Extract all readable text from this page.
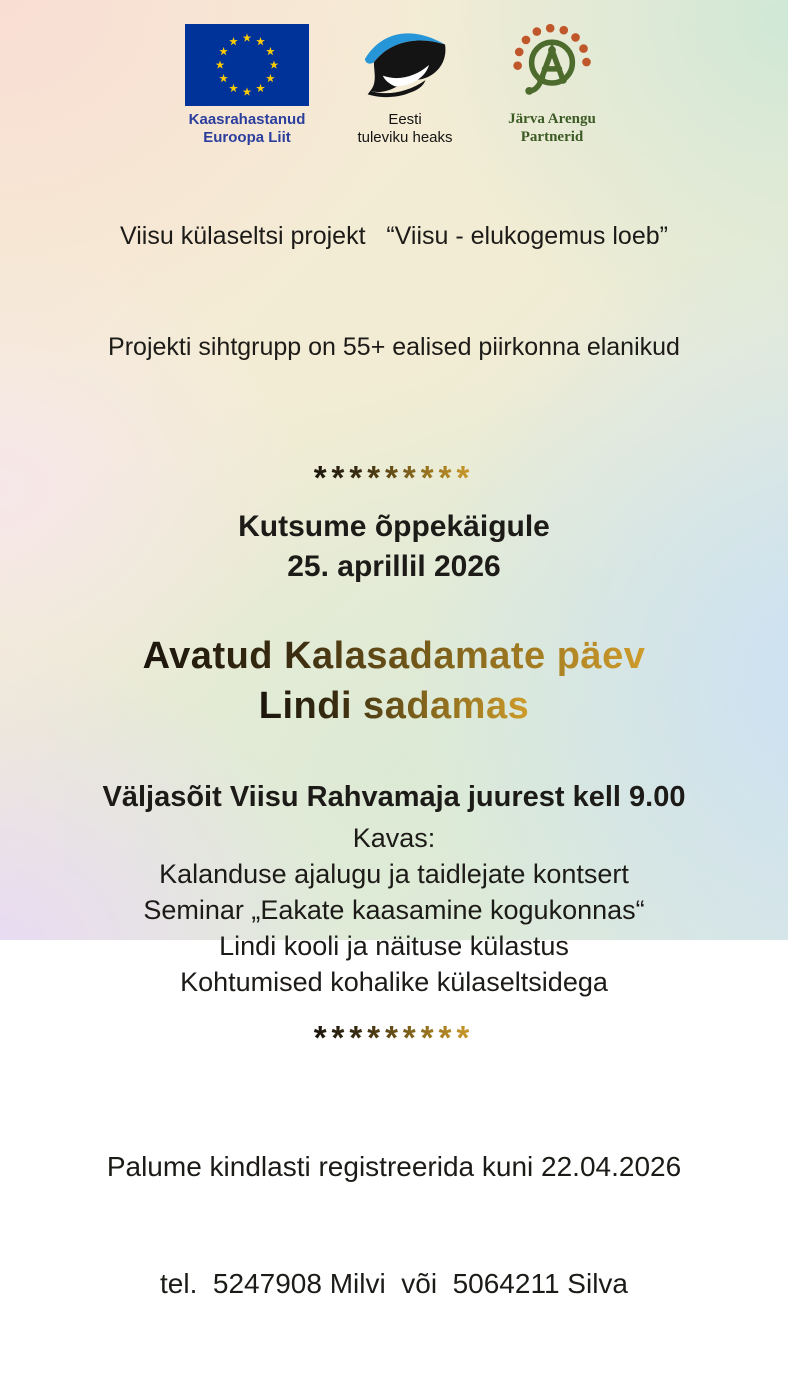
Kaasrahastanud
Euroopa Liit
Eesti
tuleviku heaks
Järva Arengu
Partnerid

Viisu külaseltsi projekt   “Viisu - elukogemus loeb”

Projekti sihtgrupp on 55+ ealised piirkonna elanikud

*********
Kutsume õppekäigule
25. aprillil 2026
Avatud Kalasadamate päev
Lindi sadamas
Väljasõit Viisu Rahvamaja juurest kell 9.00
Kavas:
Kalanduse ajalugu ja taidlejate kontsert
Seminar „Eakate kaasamine kogukonnas“
Lindi kooli ja näituse külastus
Kohtumised kohalike külaseltsidega
*********

Palume kindlasti registreerida kuni 22.04.2026

tel.  5247908 Milvi  või  5064211 Silva
